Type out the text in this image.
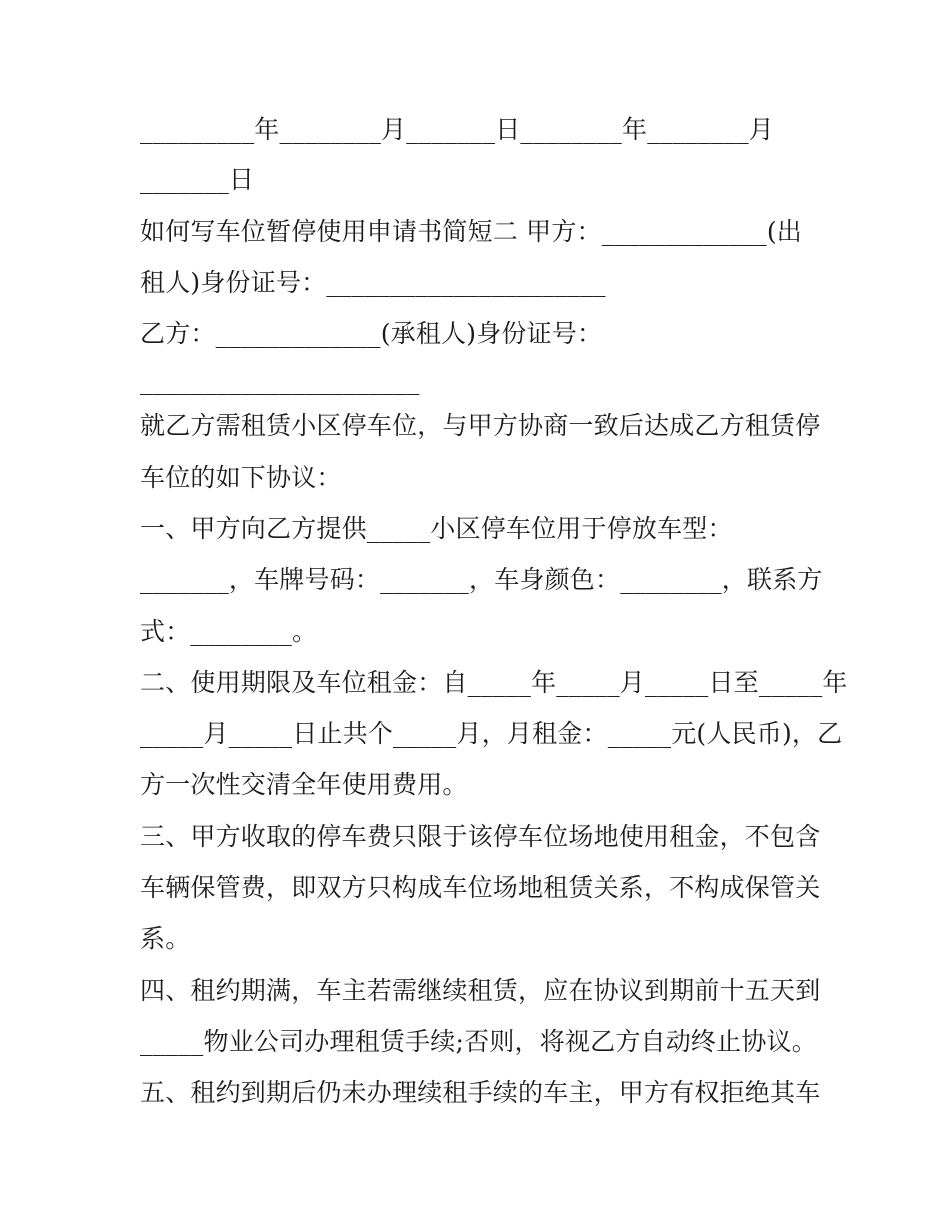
_________年________月_______日________年________月
_______日
如何写车位暂停使用申请书简短二 甲方：_____________(出
租人)身份证号：______________________
乙方：_____________(承租人)身份证号：
______________________
就乙方需租赁小区停车位，与甲方协商一致后达成乙方租赁停
车位的如下协议：
一、甲方向乙方提供_____小区停车位用于停放车型：
_______，车牌号码：_______，车身颜色：________，联系方
式：________。
二、使用期限及车位租金：自_____年_____月_____日至_____年
_____月_____日止共个_____月，月租金：_____元(人民币)，乙
方一次性交清全年使用费用。
三、甲方收取的停车费只限于该停车位场地使用租金，不包含
车辆保管费，即双方只构成车位场地租赁关系，不构成保管关
系。
四、租约期满，车主若需继续租赁，应在协议到期前十五天到
_____物业公司办理租赁手续;否则，将视乙方自动终止协议。
五、租约到期后仍未办理续租手续的车主，甲方有权拒绝其车
